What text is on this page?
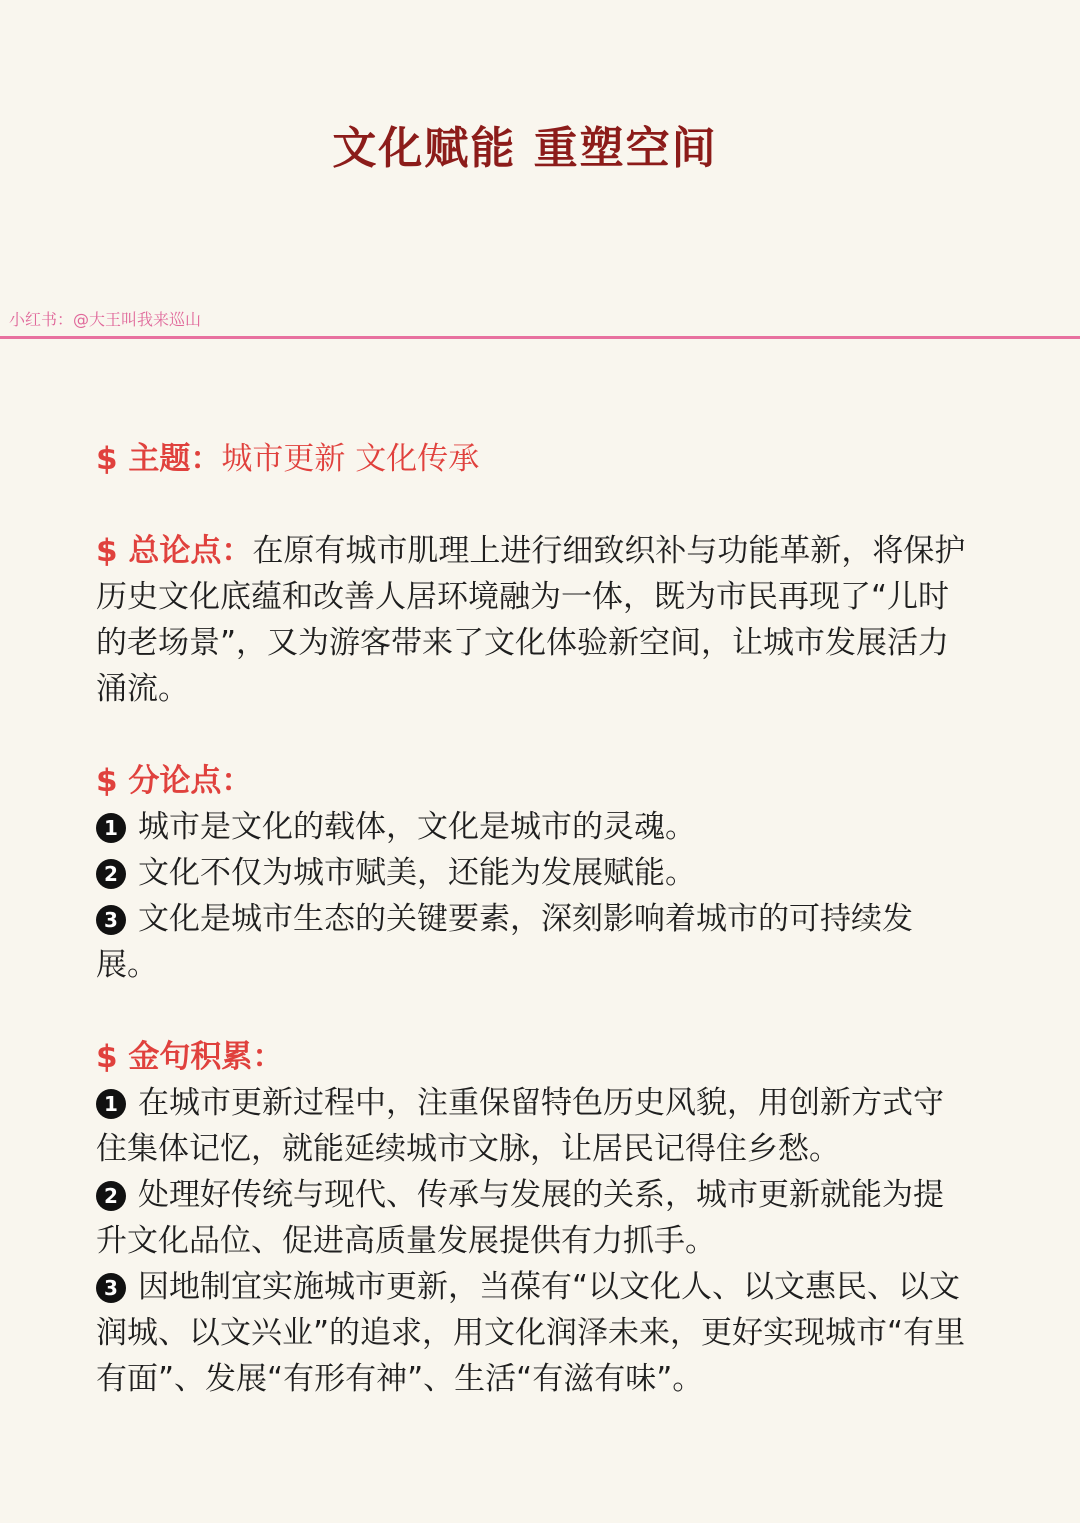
文化赋能 重塑空间
小红书：@大王叫我来巡山

$ 主题：城市更新 文化传承

$ 总论点：在原有城市肌理上进行细致织补与功能革新，将保护历史文化底蕴和改善人居环境融为一体，既为市民再现了“儿时的老场景”，又为游客带来了文化体验新空间，让城市发展活力涌流。

$ 分论点：

1 城市是文化的载体，文化是城市的灵魂。

2 文化不仅为城市赋美，还能为发展赋能。

3 文化是城市生态的关键要素，深刻影响着城市的可持续发展。

$ 金句积累：

1 在城市更新过程中，注重保留特色历史风貌，用创新方式守住集体记忆，就能延续城市文脉，让居民记得住乡愁。

2 处理好传统与现代、传承与发展的关系，城市更新就能为提升文化品位、促进高质量发展提供有力抓手。

3 因地制宜实施城市更新，当葆有“以文化人、以文惠民、以文润城、以文兴业”的追求，用文化润泽未来，更好实现城市“有里有面”、发展“有形有神”、生活“有滋有味”。
